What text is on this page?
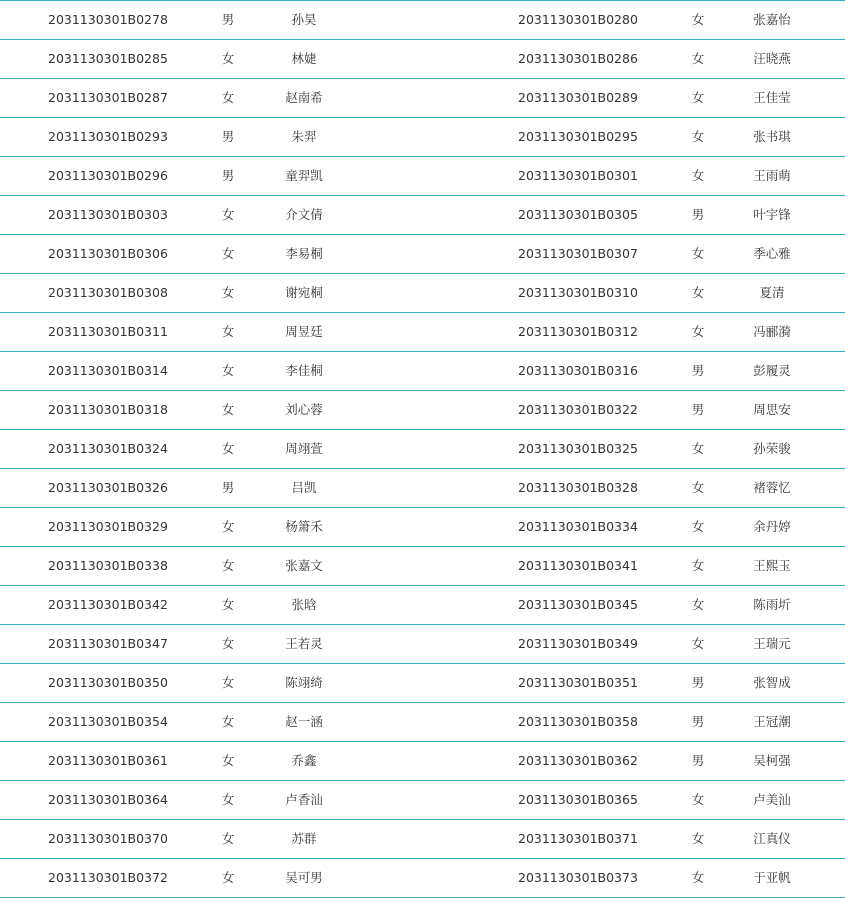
2031130301B0278	男	孙昊	2031130301B0280	女	张嘉怡
2031130301B0285	女	林婕	2031130301B0286	女	汪晓燕
2031130301B0287	女	赵南希	2031130301B0289	女	王佳莹
2031130301B0293	男	朱羿	2031130301B0295	女	张书琪
2031130301B0296	男	童羿凯	2031130301B0301	女	王雨萌
2031130301B0303	女	介文倩	2031130301B0305	男	叶宇锋
2031130301B0306	女	李易桐	2031130301B0307	女	季心雅
2031130301B0308	女	谢宛桐	2031130301B0310	女	夏清
2031130301B0311	女	周昱廷	2031130301B0312	女	冯郦漪
2031130301B0314	女	李佳桐	2031130301B0316	男	彭履灵
2031130301B0318	女	刘心蓉	2031130301B0322	男	周思安
2031130301B0324	女	周翊萱	2031130301B0325	女	孙荣骏
2031130301B0326	男	吕凯	2031130301B0328	女	褚蓉忆
2031130301B0329	女	杨箫禾	2031130301B0334	女	余丹婷
2031130301B0338	女	张嘉文	2031130301B0341	女	王熙玉
2031130301B0342	女	张晗	2031130301B0345	女	陈雨圻
2031130301B0347	女	王若灵	2031130301B0349	女	王瑞元
2031130301B0350	女	陈翊绮	2031130301B0351	男	张智成
2031130301B0354	女	赵一涵	2031130301B0358	男	王冠潮
2031130301B0361	女	乔鑫	2031130301B0362	男	吴柯强
2031130301B0364	女	卢香汕	2031130301B0365	女	卢美汕
2031130301B0370	女	苏群	2031130301B0371	女	江真仪
2031130301B0372	女	吴可男	2031130301B0373	女	于亚帆
